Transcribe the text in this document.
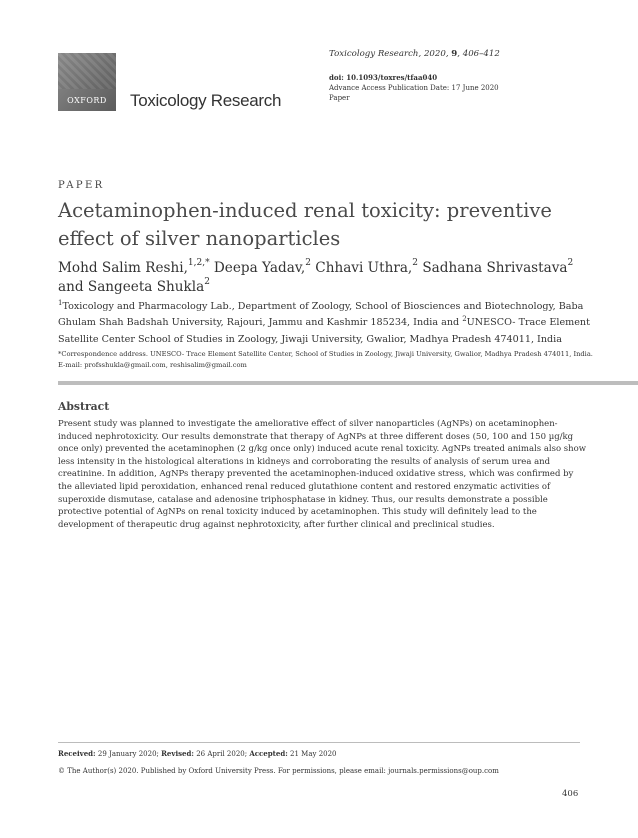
OXFORD	Toxicology Research
Toxicology Research, 2020, 9, 406–412
doi: 10.1093/toxres/tfaa040
Advance Access Publication Date: 17 June 2020
Paper
PAPER
Acetaminophen-induced renal toxicity: preventive effect of silver nanoparticles
Mohd Salim Reshi,$^{1,2,*}$ Deepa Yadav,$^2$ Chhavi Uthra,$^2$ Sadhana Shrivastava$^2$ and Sangeeta Shukla$^2$
$^1$Toxicology and Pharmacology Lab., Department of Zoology, School of Biosciences and Biotechnology, Baba Ghulam Shah Badshah University, Rajouri, Jammu and Kashmir 185234, India and $^2$UNESCO- Trace Element Satellite Center School of Studies in Zoology, Jiwaji University, Gwalior, Madhya Pradesh 474011, India
*Correspondence address. UNESCO- Trace Element Satellite Center, School of Studies in Zoology, Jiwaji University, Gwalior, Madhya Pradesh 474011, India.
E-mail: profsshukla@gmail.com, reshisalim@gmail.com
Abstract

Present study was planned to investigate the ameliorative effect of silver nanoparticles (AgNPs) on acetaminophen-induced nephrotoxicity. Our results demonstrate that therapy of AgNPs at three different doses (50, 100 and 150 µg/kg once only) prevented the acetaminophen (2 g/kg once only) induced acute renal toxicity. AgNPs treated animals also show less intensity in the histological alterations in kidneys and corroborating the results of analysis of serum urea and creatinine. In addition, AgNPs therapy prevented the acetaminophen-induced oxidative stress, which was confirmed by the alleviated lipid peroxidation, enhanced renal reduced glutathione content and restored enzymatic activities of superoxide dismutase, catalase and adenosine triphosphatase in kidney. Thus, our results demonstrate a possible protective potential of AgNPs on renal toxicity induced by acetaminophen. This study will definitely lead to the development of therapeutic drug against nephrotoxicity, after further clinical and preclinical studies.

Received: 29 January 2020; Revised: 26 April 2020; Accepted: 21 May 2020
© The Author(s) 2020. Published by Oxford University Press. For permissions, please email: journals.permissions@oup.com
406
